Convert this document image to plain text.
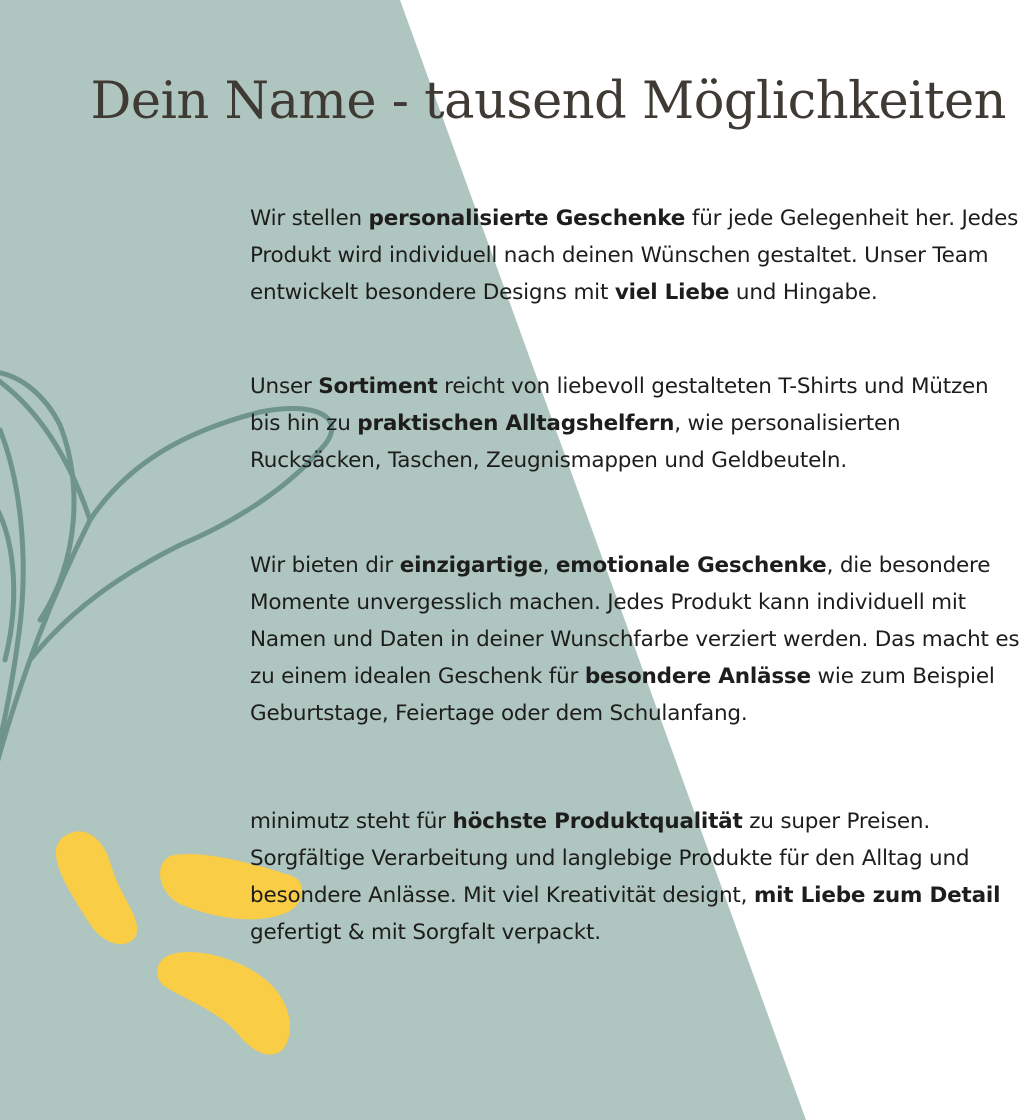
Dein Name - tausend Möglichkeiten

Wir stellen personalisierte Geschenke für jede Gelegenheit her. Jedes Produkt wird individuell nach deinen Wünschen gestaltet. Unser Team entwickelt besondere Designs mit viel Liebe und Hingabe.

Unser Sortiment reicht von liebevoll gestalteten T-Shirts und Mützen bis hin zu praktischen Alltagshelfern, wie personalisierten Rucksäcken, Taschen, Zeugnismappen und Geldbeuteln.

Wir bieten dir einzigartige, emotionale Geschenke, die besondere Momente unvergesslich machen. Jedes Produkt kann individuell mit Namen und Daten in deiner Wunschfarbe verziert werden. Das macht es zu einem idealen Geschenk für besondere Anlässe wie zum Beispiel Geburtstage, Feiertage oder dem Schulanfang.

minimutz steht für höchste Produktqualität zu super Preisen. Sorgfältige Verarbeitung und langlebige Produkte für den Alltag und besondere Anlässe. Mit viel Kreativität designt, mit Liebe zum Detail gefertigt & mit Sorgfalt verpackt.
